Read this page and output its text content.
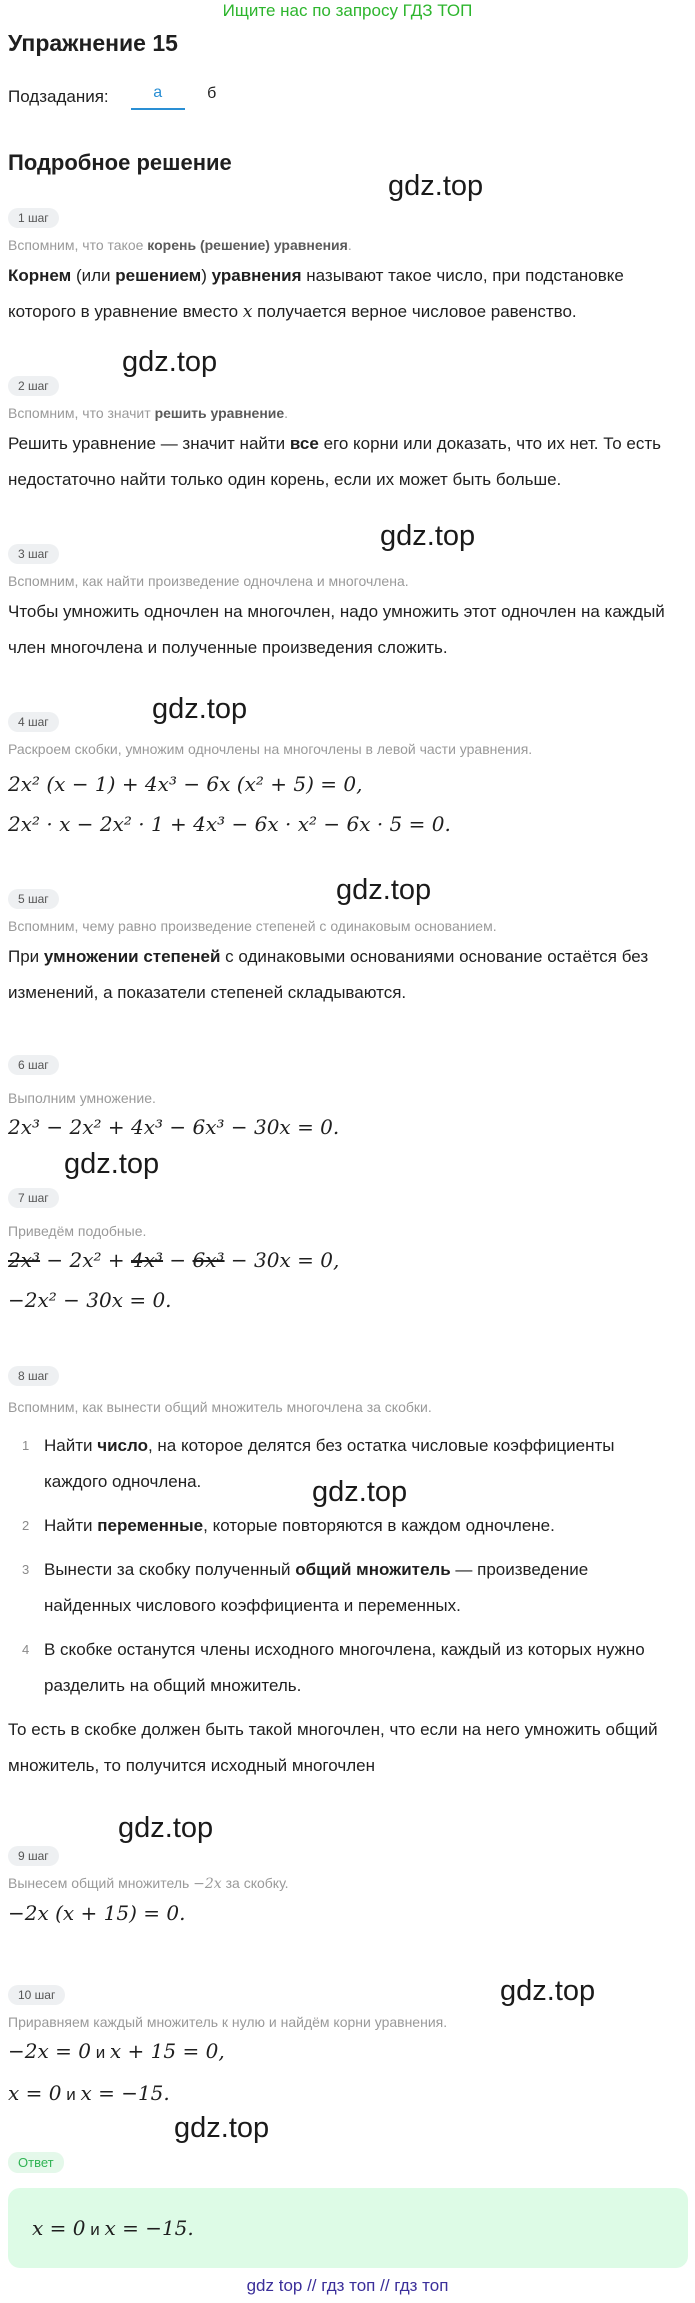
Ищите нас по запросу ГДЗ ТОП
Упражнение 15
Подзадания:	а	б
Подробное решение
gdz.top
gdz.top
gdz.top
gdz.top
gdz.top
gdz.top
gdz.top
gdz.top
gdz.top
gdz.top
1 шаг
Вспомним, что такое корень (решение) уравнения.
Корнем (или решением) уравнения называют такое число, при подстановке которого в уравнение вместо x получается верное числовое равенство.
2 шаг
Вспомним, что значит решить уравнение.
Решить уравнение — значит найти все его корни или доказать, что их нет. То есть недостаточно найти только один корень, если их может быть больше.
3 шаг
Вспомним, как найти произведение одночлена и многочлена.
Чтобы умножить одночлен на многочлен, надо умножить этот одночлен на каждый член многочлена и полученные произведения сложить.
4 шаг
Раскроем скобки, умножим одночлены на многочлены в левой части уравнения.
2x² (x − 1) + 4x³ − 6x (x² + 5) = 0,
2x² · x − 2x² · 1 + 4x³ − 6x · x² − 6x · 5 = 0.
5 шаг
Вспомним, чему равно произведение степеней с одинаковым основанием.
При умножении степеней с одинаковыми основаниями основание остаётся без изменений, а показатели степеней складываются.
6 шаг
Выполним умножение.
2x³ − 2x² + 4x³ − 6x³ − 30x = 0.
7 шаг
Приведём подобные.
2x³ − 2x² + 4x³ − 6x³ − 30x = 0,
−2x² − 30x = 0.
8 шаг
Вспомним, как вынести общий множитель многочлена за скобки.
1 Найти число, на которое делятся без остатка числовые коэффициенты каждого одночлена.
2 Найти переменные, которые повторяются в каждом одночлене.
3 Вынести за скобку полученный общий множитель — произведение найденных числового коэффициента и переменных.
4 В скобке останутся члены исходного многочлена, каждый из которых нужно разделить на общий множитель.
То есть в скобке должен быть такой многочлен, что если на него умножить общий множитель, то получится исходный многочлен
9 шаг
Вынесем общий множитель −2x за скобку.
−2x (x + 15) = 0.
10 шаг
Приравняем каждый множитель к нулю и найдём корни уравнения.
−2x = 0 и x + 15 = 0,
x = 0 и x = −15.
Ответ
x = 0 и x = −15.
gdz top // гдз топ // гдз топ
